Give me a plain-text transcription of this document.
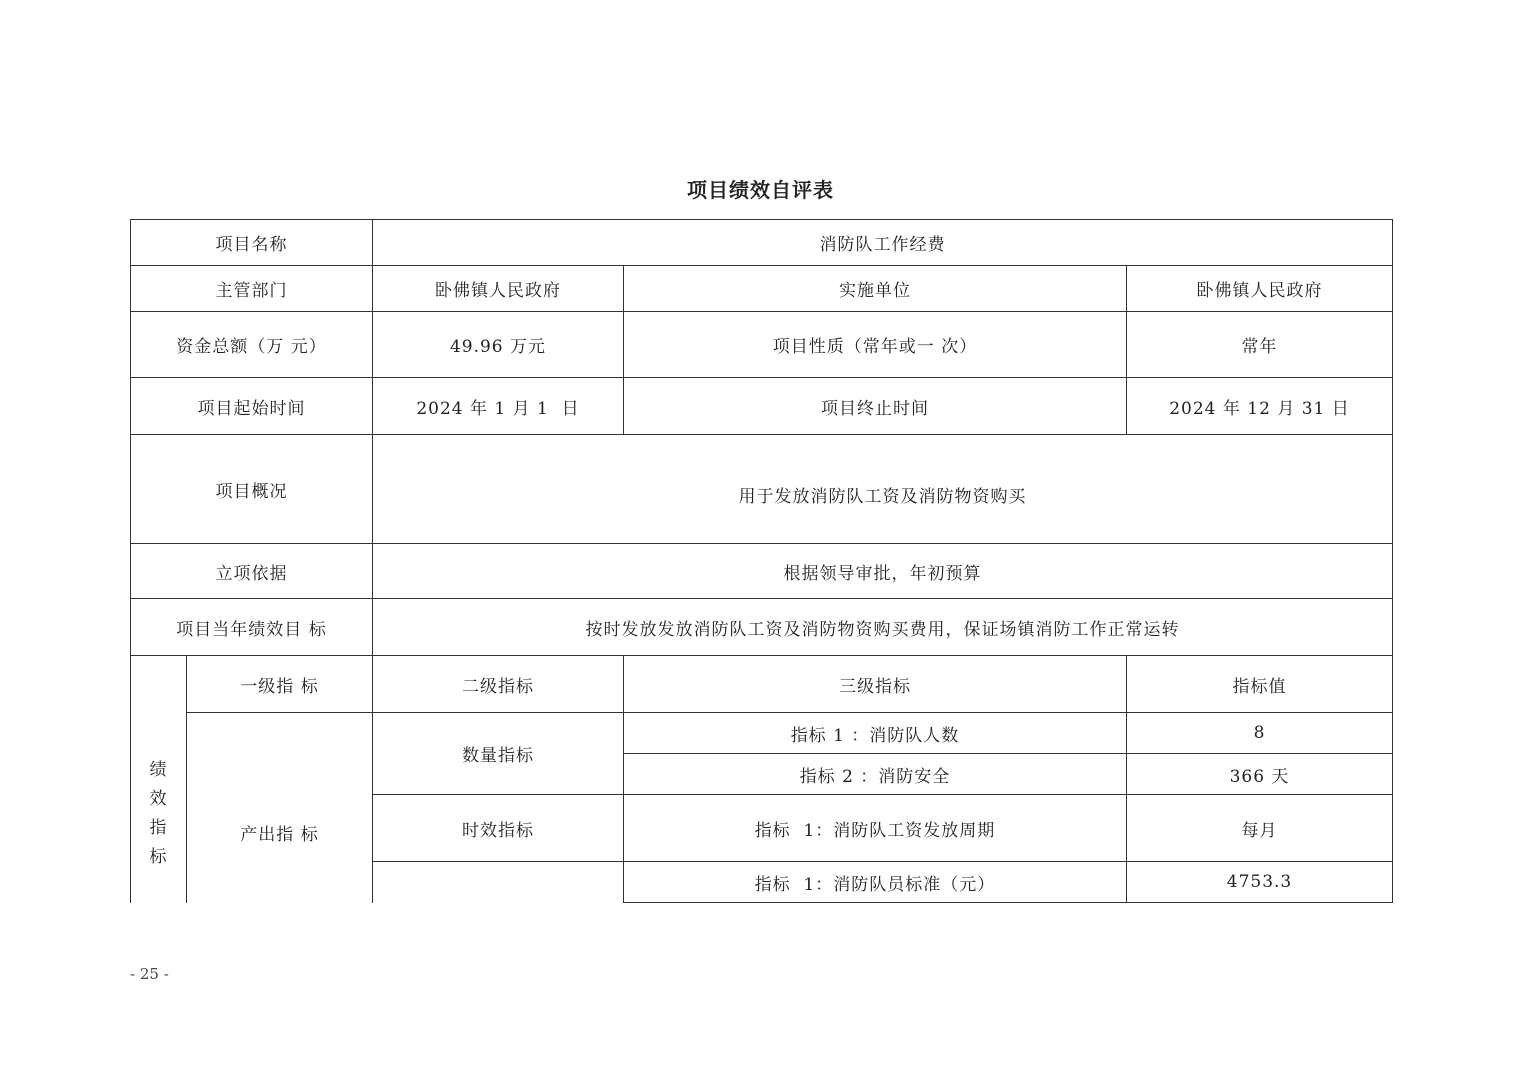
项目绩效自评表
项目名称		消防队工作经费		
主管部门		卧佛镇人民政府	实施单位	卧佛镇人民政府
资金总额（万 元）		49.96 万元	项目性质（常年或一 次）	常年
项目起始时间		2024 年 1 月 1  日	项目终止时间	2024 年 12 月 31 日
项目概况		用于发放消防队工资及消防物资购买		
立项依据		根据领导审批，年初预算		
项目当年绩效目 标		按时发放发放消防队工资及消防物资购买费用，保证场镇消防工作正常运转		
绩
效
指
标	一级指 标	二级指标	三级指标	指标值
	产出指 标	数量指标	指标 1 ：消防队人数	8
			指标 2 ：消防安全	366 天
		时效指标	指标  1：消防队工资发放周期	每月
			指标  1：消防队员标准（元）	4753.3
- 25 -
